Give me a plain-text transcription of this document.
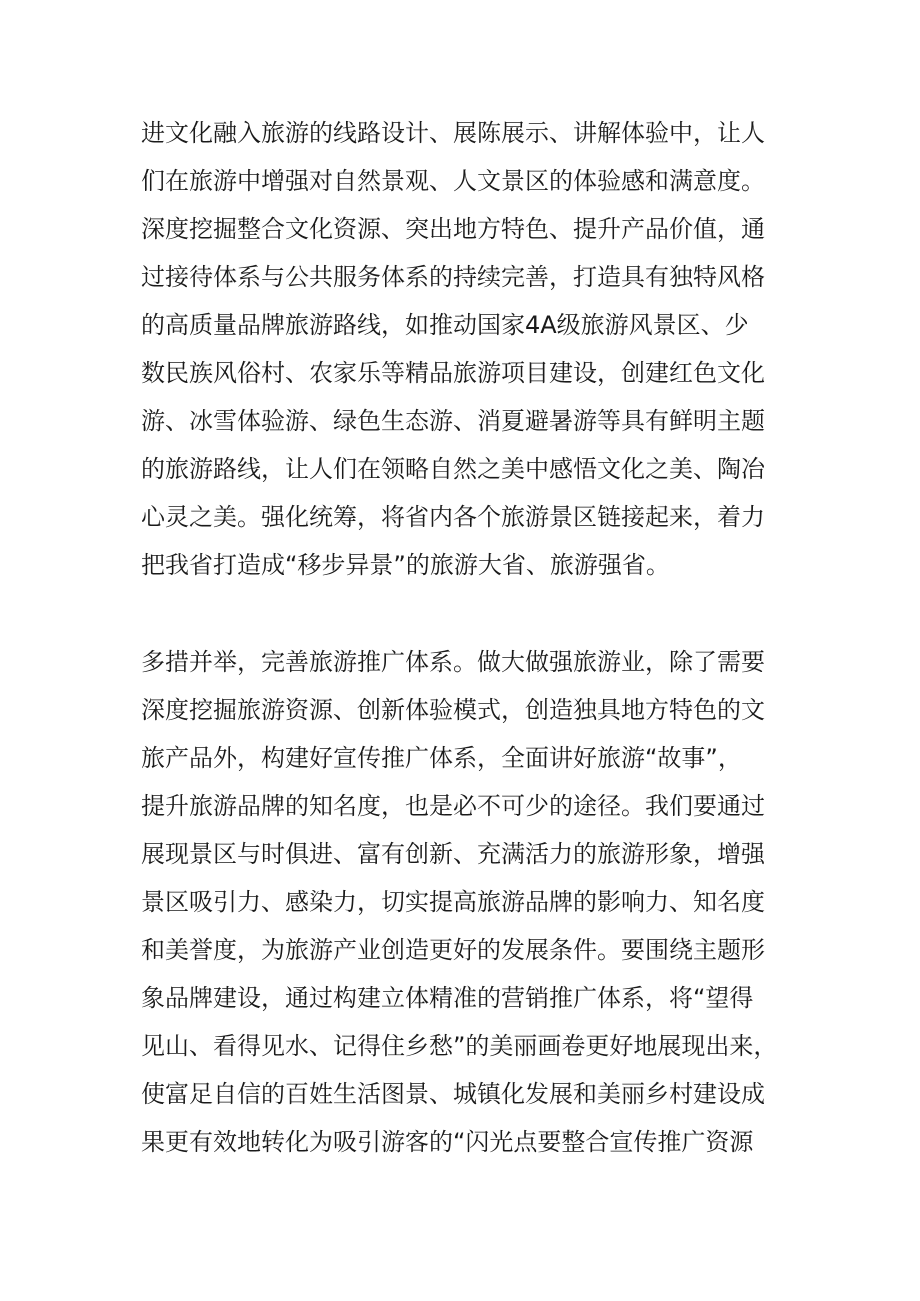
进文化融入旅游的线路设计、展陈展示、讲解体验中，让人
们在旅游中增强对自然景观、人文景区的体验感和满意度。
深度挖掘整合文化资源、突出地方特色、提升产品价值，通
过接待体系与公共服务体系的持续完善，打造具有独特风格
的高质量品牌旅游路线，如推动国家4A级旅游风景区、少
数民族风俗村、农家乐等精品旅游项目建设，创建红色文化
游、冰雪体验游、绿色生态游、消夏避暑游等具有鲜明主题
的旅游路线，让人们在领略自然之美中感悟文化之美、陶冶
心灵之美。强化统筹，将省内各个旅游景区链接起来，着力
把我省打造成“移步异景”的旅游大省、旅游强省。
多措并举，完善旅游推广体系。做大做强旅游业，除了需要
深度挖掘旅游资源、创新体验模式，创造独具地方特色的文
旅产品外，构建好宣传推广体系，全面讲好旅游“故事”，
提升旅游品牌的知名度，也是必不可少的途径。我们要通过
展现景区与时俱进、富有创新、充满活力的旅游形象，增强
景区吸引力、感染力，切实提高旅游品牌的影响力、知名度
和美誉度，为旅游产业创造更好的发展条件。要围绕主题形
象品牌建设，通过构建立体精准的营销推广体系，将“望得
见山、看得见水、记得住乡愁”的美丽画卷更好地展现出来，
使富足自信的百姓生活图景、城镇化发展和美丽乡村建设成
果更有效地转化为吸引游客的“闪光点要整合宣传推广资源
